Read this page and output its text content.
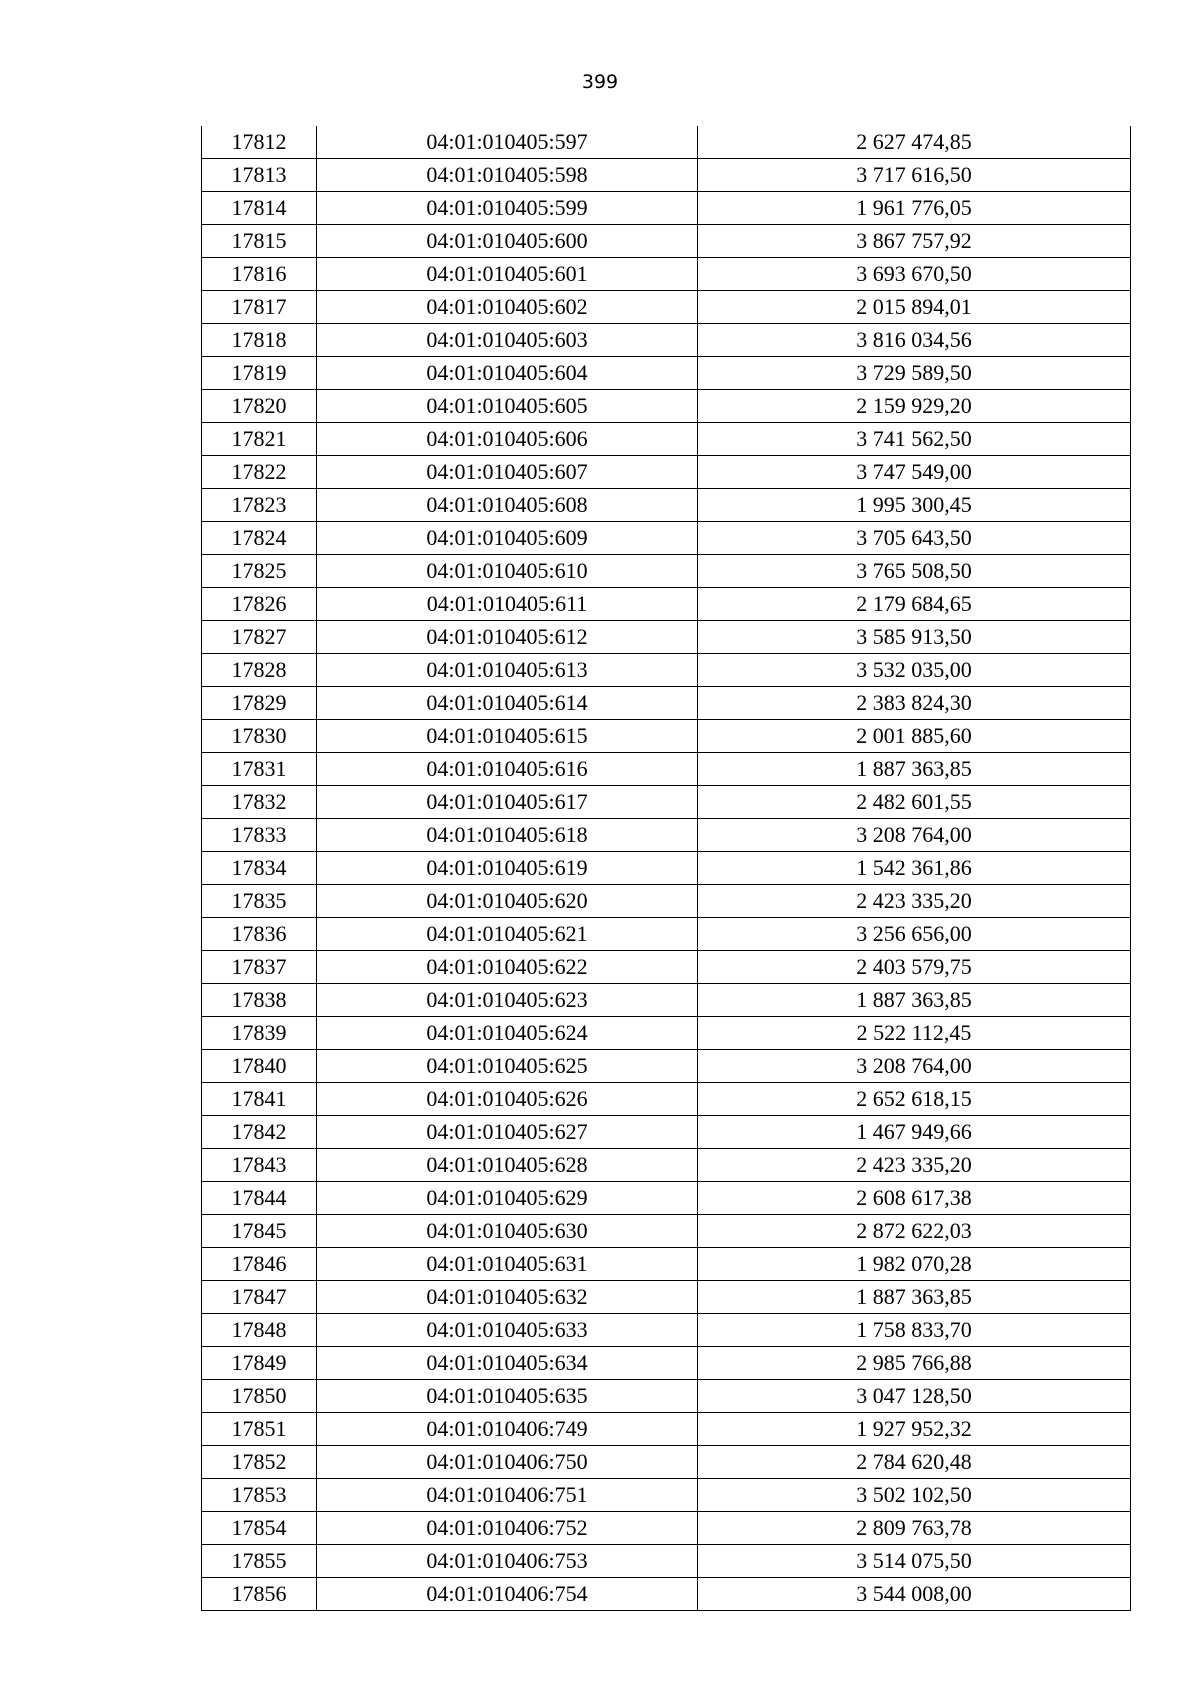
399
17812	04:01:010405:597	2 627 474,85
17813	04:01:010405:598	3 717 616,50
17814	04:01:010405:599	1 961 776,05
17815	04:01:010405:600	3 867 757,92
17816	04:01:010405:601	3 693 670,50
17817	04:01:010405:602	2 015 894,01
17818	04:01:010405:603	3 816 034,56
17819	04:01:010405:604	3 729 589,50
17820	04:01:010405:605	2 159 929,20
17821	04:01:010405:606	3 741 562,50
17822	04:01:010405:607	3 747 549,00
17823	04:01:010405:608	1 995 300,45
17824	04:01:010405:609	3 705 643,50
17825	04:01:010405:610	3 765 508,50
17826	04:01:010405:611	2 179 684,65
17827	04:01:010405:612	3 585 913,50
17828	04:01:010405:613	3 532 035,00
17829	04:01:010405:614	2 383 824,30
17830	04:01:010405:615	2 001 885,60
17831	04:01:010405:616	1 887 363,85
17832	04:01:010405:617	2 482 601,55
17833	04:01:010405:618	3 208 764,00
17834	04:01:010405:619	1 542 361,86
17835	04:01:010405:620	2 423 335,20
17836	04:01:010405:621	3 256 656,00
17837	04:01:010405:622	2 403 579,75
17838	04:01:010405:623	1 887 363,85
17839	04:01:010405:624	2 522 112,45
17840	04:01:010405:625	3 208 764,00
17841	04:01:010405:626	2 652 618,15
17842	04:01:010405:627	1 467 949,66
17843	04:01:010405:628	2 423 335,20
17844	04:01:010405:629	2 608 617,38
17845	04:01:010405:630	2 872 622,03
17846	04:01:010405:631	1 982 070,28
17847	04:01:010405:632	1 887 363,85
17848	04:01:010405:633	1 758 833,70
17849	04:01:010405:634	2 985 766,88
17850	04:01:010405:635	3 047 128,50
17851	04:01:010406:749	1 927 952,32
17852	04:01:010406:750	2 784 620,48
17853	04:01:010406:751	3 502 102,50
17854	04:01:010406:752	2 809 763,78
17855	04:01:010406:753	3 514 075,50
17856	04:01:010406:754	3 544 008,00
